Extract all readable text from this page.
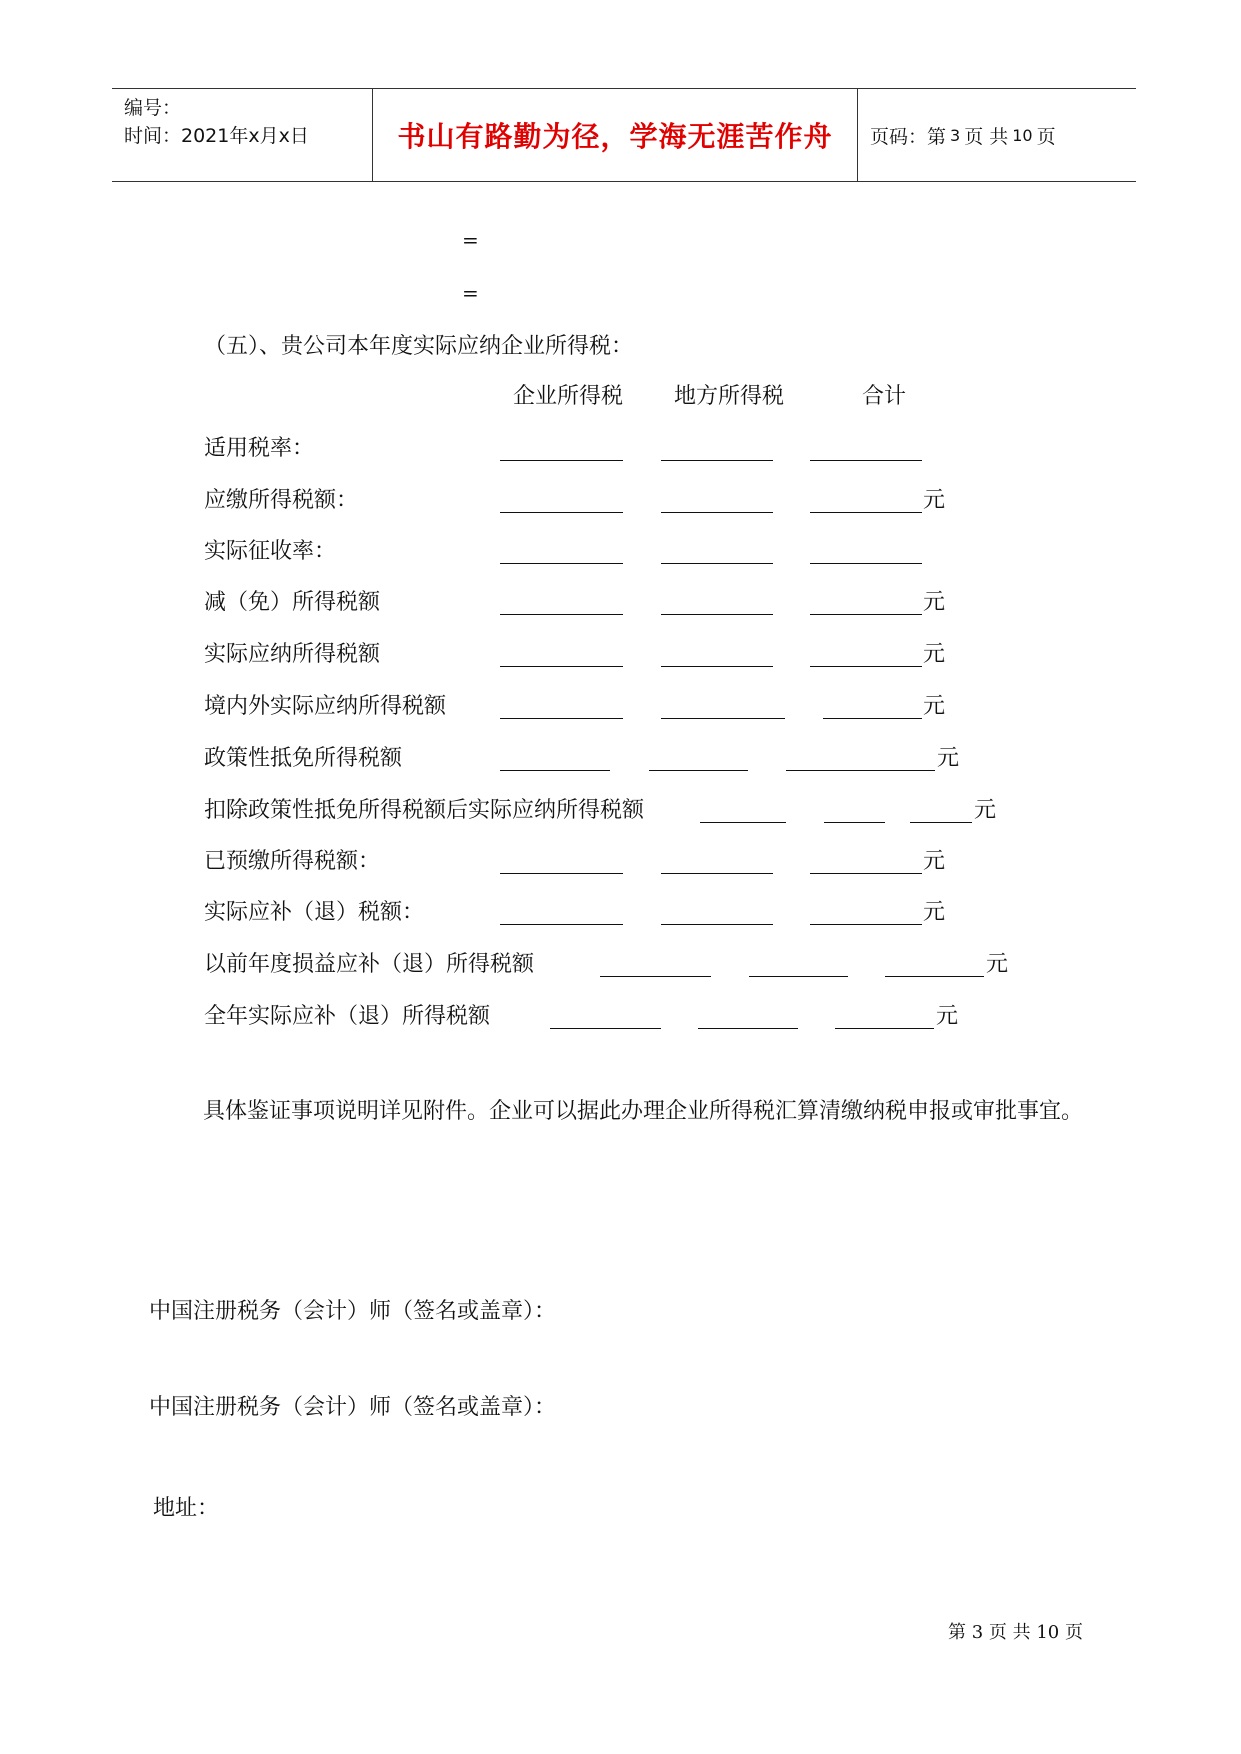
编号：
时间：2021年x月x日	书山有路勤为径，学海无涯苦作舟 页码：第 3 页 共 10 页
=
=
（五）、贵公司本年度实际应纳企业所得税：
企业所得税 地方所得税	合计
适用税率：
应缴所得税额：	元
实际征收率：
减（免）所得税额	元
实际应纳所得税额	元
境内外实际应纳所得税额	元
政策性抵免所得税额	元
扣除政策性抵免所得税额后实际应纳所得税额	元
已预缴所得税额：	元
实际应补（退）税额：	元
以前年度损益应补（退）所得税额	元
全年实际应补（退）所得税额	元
具体鉴证事项说明详见附件。企业可以据此办理企业所得税汇算清缴纳税申报或审批事宜。
中国注册税务（会计）师（签名或盖章）：
中国注册税务（会计）师（签名或盖章）：
地址：
第 3 页 共 10 页
